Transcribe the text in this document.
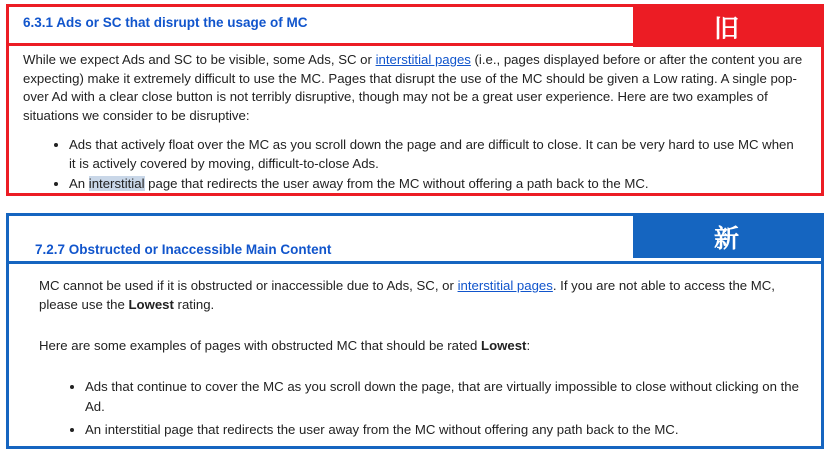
6.3.1 Ads or SC that disrupt the usage of MC	旧

While we expect Ads and SC to be visible, some Ads, SC or interstitial pages (i.e., pages displayed before or after the content you are expecting) make it extremely difficult to use the MC. Pages that disrupt the use of the MC should be given a Low rating. A single pop-over Ad with a clear close button is not terribly disruptive, though may not be a great user experience. Here are two examples of situations we consider to be disruptive:

• Ads that actively float over the MC as you scroll down the page and are difficult to close. It can be very hard to use MC when it is actively covered by moving, difficult-to-close Ads.
• An interstitial page that redirects the user away from the MC without offering a path back to the MC.
新
7.2.7 Obstructed or Inaccessible Main Content

MC cannot be used if it is obstructed or inaccessible due to Ads, SC, or interstitial pages. If you are not able to access the MC, please use the Lowest rating.

Here are some examples of pages with obstructed MC that should be rated Lowest:

• Ads that continue to cover the MC as you scroll down the page, that are virtually impossible to close without clicking on the Ad.
• An interstitial page that redirects the user away from the MC without offering any path back to the MC.
